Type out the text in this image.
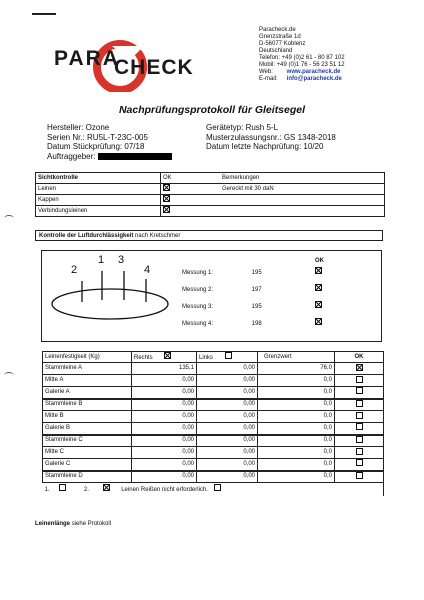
PARA
CHECK
Paracheck.de
Grenzstraße 1d
D-56077 Koblenz
Deutschland
Telefon: +49 (0)2 61 - 80 87 102
Mobil: +49 (0)1 76 - 56 23 51 12
Web: www.paracheck.de
E-mail: info@paracheck.de
Nachprüfungsprotokoll für Gleitsegel
Hersteller: Ozone
Serien Nr.: RU5L-T-23C-005
Datum Stückprüfung: 07/18
Auftraggeber:
Gerätetyp: Rush 5-L
Musterzulassungsnr.: GS 1348-2018
Datum letzte Nachprüfung: 10/20
Sichtkontrolle	OK	Bemerkungen
Leinen		Gereckt mit 30 daN
Kappen		
Verbindungsleinen		
Kontrolle der Luftdurchlässigkeit nach Kretschmer
1
2
3
4
OK
Messung 1:	195
Messung 2:	197
Messung 3:	195
Messung 4:	198
Leinenfestigkeit (Kg)	Rechts	Links	Grenzwert	OK
Stammleine A	135,1	0,00	76,0	
Mitte A	0,00	0,00	0,0	
Galerie A	0,00	0,00	0,0	
Stammleine B	0,00	0,00	0,0	
Mitte B	0,00	0,00	0,0	
Galerie B	0,00	0,00	0,0	
Stammleine C	0,00	0,00	0,0	
Mitte C	0,00	0,00	0,0	
Galerie C	0,00	0,00	0,0	
Stammleine D	0,00	0,00	0,0	
1. 2. Leinen Reißen nicht erforderlich.				
Leinenlänge siehe Protokoll
